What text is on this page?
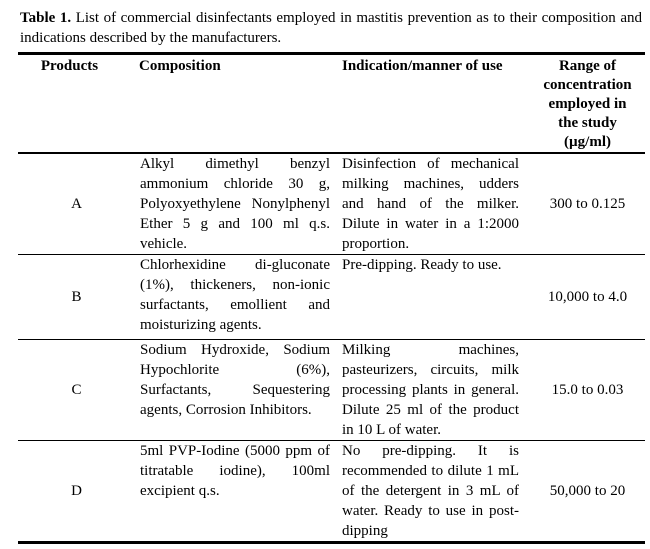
Table 1. List of commercial disinfectants employed in mastitis prevention as to their composition and indications described by the manufacturers.

Products	Composition	Indication/manner of use	Range of concentration employed in the study (µg/ml)
A	Alkyl dimethyl benzyl ammonium chloride 30 g, Polyoxyethylene Nonylphenyl Ether 5 g and 100 ml q.s. vehicle.	Disinfection of mechanical milking machines, udders and hand of the milker. Dilute in water in a 1:2000 proportion.	300 to 0.125
B	Chlorhexidine di-gluconate (1%), thickeners, non-ionic surfactants, emollient and moisturizing agents.	Pre-dipping. Ready to use.	10,000 to 4.0
C	Sodium Hydroxide, Sodium Hypochlorite (6%), Surfactants, Sequestering agents, Corrosion Inhibitors.	Milking machines, pasteurizers, circuits, milk processing plants in general. Dilute 25 ml of the product in 10 L of water.	15.0 to 0.03
D	5ml PVP-Iodine (5000 ppm of titratable iodine), 100ml excipient q.s.	No pre-dipping. It is recommended to dilute 1 mL of the detergent in 3 mL of water. Ready to use in post-dipping	50,000 to 20
